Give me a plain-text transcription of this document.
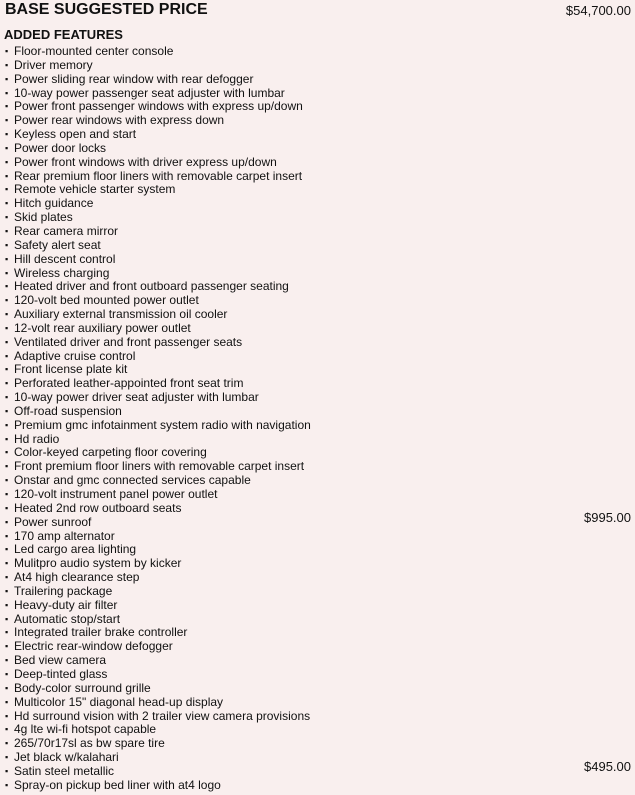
BASE SUGGESTED PRICE	$54,700.00
ADDED FEATURES
▪ Floor-mounted center console
▪ Driver memory
▪ Power sliding rear window with rear defogger
▪ 10-way power passenger seat adjuster with lumbar
▪ Power front passenger windows with express up/down
▪ Power rear windows with express down
▪ Keyless open and start
▪ Power door locks
▪ Power front windows with driver express up/down
▪ Rear premium floor liners with removable carpet insert
▪ Remote vehicle starter system
▪ Hitch guidance
▪ Skid plates
▪ Rear camera mirror
▪ Safety alert seat
▪ Hill descent control
▪ Wireless charging
▪ Heated driver and front outboard passenger seating
▪ 120-volt bed mounted power outlet
▪ Auxiliary external transmission oil cooler
▪ 12-volt rear auxiliary power outlet
▪ Ventilated driver and front passenger seats
▪ Adaptive cruise control
▪ Front license plate kit
▪ Perforated leather-appointed front seat trim
▪ 10-way power driver seat adjuster with lumbar
▪ Off-road suspension
▪ Premium gmc infotainment system radio with navigation
▪ Hd radio
▪ Color-keyed carpeting floor covering
▪ Front premium floor liners with removable carpet insert
▪ Onstar and gmc connected services capable
▪ 120-volt instrument panel power outlet
▪ Heated 2nd row outboard seats
▪ Power sunroof	$995.00
▪ 170 amp alternator
▪ Led cargo area lighting
▪ Mulitpro audio system by kicker
▪ At4 high clearance step
▪ Trailering package
▪ Heavy-duty air filter
▪ Automatic stop/start
▪ Integrated trailer brake controller
▪ Electric rear-window defogger
▪ Bed view camera
▪ Deep-tinted glass
▪ Body-color surround grille
▪ Multicolor 15" diagonal head-up display
▪ Hd surround vision with 2 trailer view camera provisions
▪ 4g lte wi-fi hotspot capable
▪ 265/70r17sl as bw spare tire
▪ Jet black w/kalahari
▪ Satin steel metallic	$495.00
▪ Spray-on pickup bed liner with at4 logo
